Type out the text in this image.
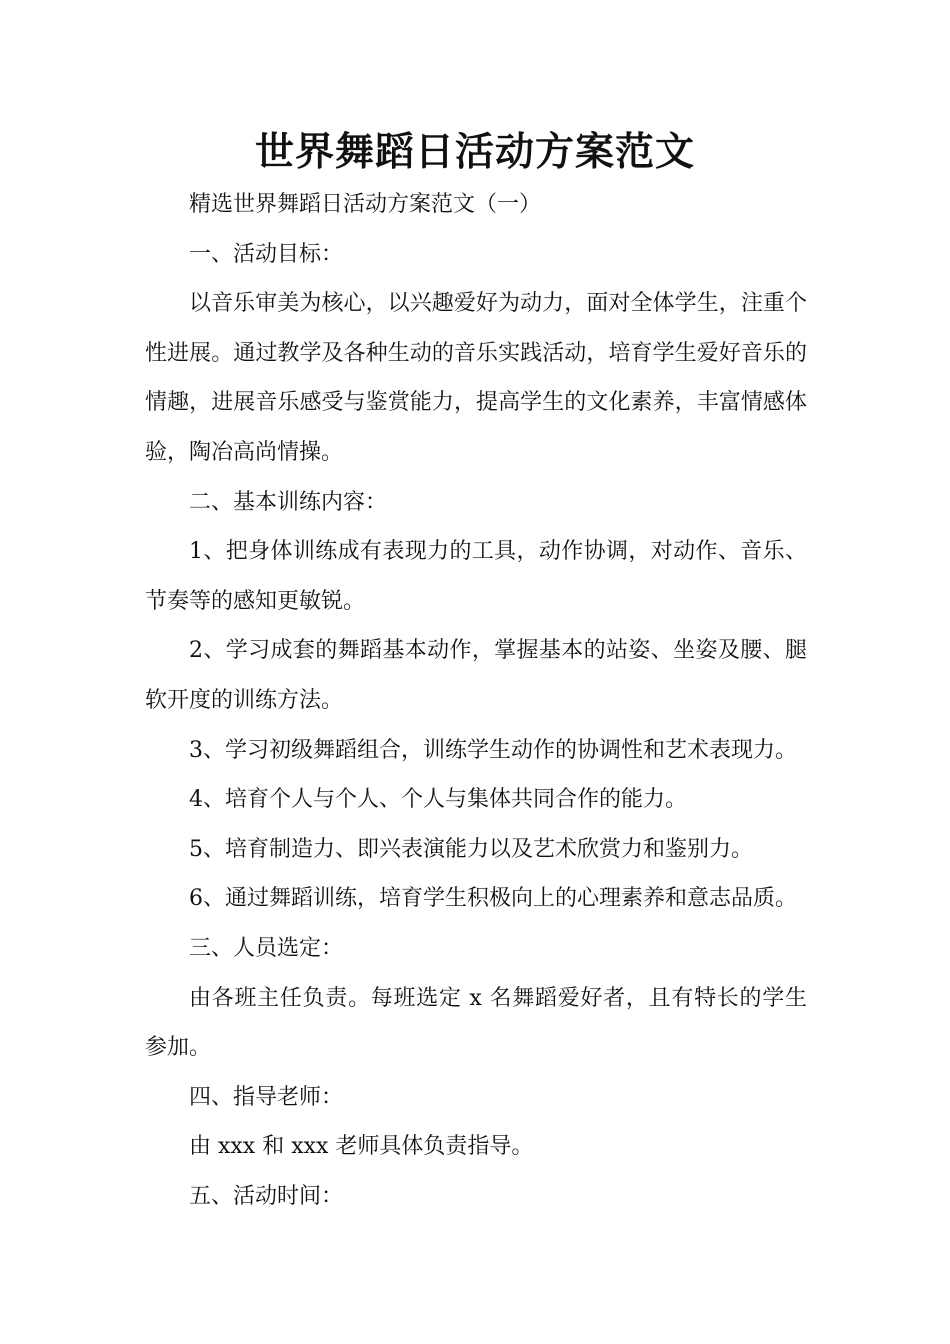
世界舞蹈日活动方案范文

精选世界舞蹈日活动方案范文（一）

一、活动目标：

以音乐审美为核心，以兴趣爱好为动力，面对全体学生，注重个性进展。通过教学及各种生动的音乐实践活动，培育学生爱好音乐的情趣，进展音乐感受与鉴赏能力，提高学生的文化素养，丰富情感体验，陶冶高尚情操。

二、基本训练内容：

1、把身体训练成有表现力的工具，动作协调，对动作、音乐、节奏等的感知更敏锐。

2、学习成套的舞蹈基本动作，掌握基本的站姿、坐姿及腰、腿软开度的训练方法。

3、学习初级舞蹈组合，训练学生动作的协调性和艺术表现力。

4、培育个人与个人、个人与集体共同合作的能力。

5、培育制造力、即兴表演能力以及艺术欣赏力和鉴别力。

6、通过舞蹈训练，培育学生积极向上的心理素养和意志品质。

三、人员选定：

由各班主任负责。每班选定 x 名舞蹈爱好者，且有特长的学生参加。

四、指导老师：

由 xxx 和 xxx 老师具体负责指导。

五、活动时间：
